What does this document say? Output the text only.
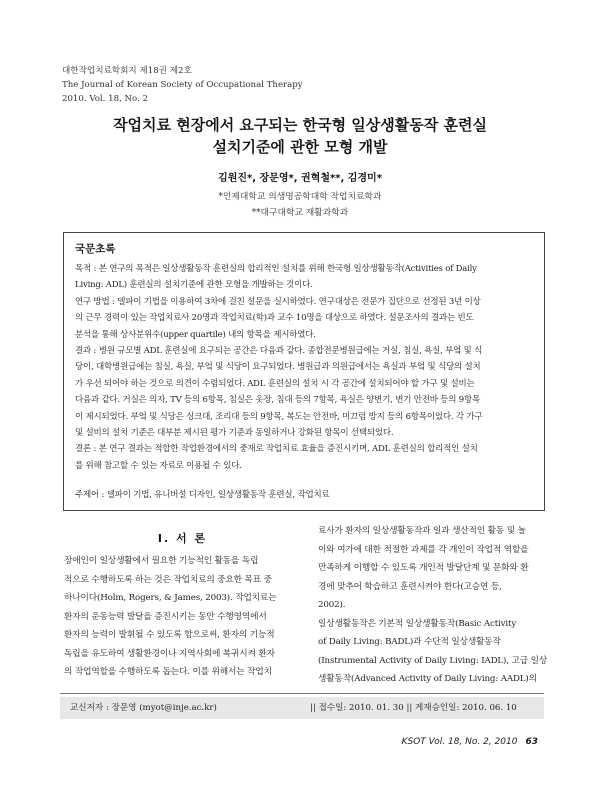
대한작업치료학회지 제18권 제2호
The Journal of Korean Society of Occupational Therapy
2010. Vol. 18, No. 2
작업치료 현장에서 요구되는 한국형 일상생활동작 훈련실
설치기준에 관한 모형 개발
김원진*, 장문영*, 권혁철**, 김경미*
*인제대학교 의생명공학대학 작업치료학과
**대구대학교 재활과학과
국문초록
목적 : 본 연구의 목적은 일상생활동작 훈련실의 합리적인 설치를 위해 한국형 일상생활동작(Activities of Daily
Living: ADL) 훈련실의 설치기준에 관한 모형을 개발하는 것이다.
연구 방법 : 델파이 기법을 이용하여 3차에 걸친 설문을 실시하였다. 연구대상은 전문가 집단으로 선정된 3년 이상
의 근무 경력이 있는 작업치료사 20명과 작업치료(학)과 교수 10명을 대상으로 하였다. 설문조사의 결과는 빈도
분석을 통해 상사분위수(upper quartile) 내의 항목을 제시하였다.
결과 : 병원 규모별 ADL 훈련실에 요구되는 공간은 다음과 같다. 종합전문병원급에는 거실, 침실, 욕실, 부엌 및 식
당이, 대학병원급에는 침실, 욕실, 부엌 및 식당이 요구되었다. 병원급과 의원급에서는 욕실과 부엌 및 식당의 설치
가 우선 되어야 하는 것으로 의견이 수렴되었다. ADL 훈련실의 설치 시 각 공간에 설치되어야 할 가구 및 설비는
다음과 같다. 거실은 의자, TV 등의 6항목, 침실은 옷장, 침대 등의 7항목, 욕실은 양변기, 변기 안전바 등의 9항목
이 제시되었다. 부엌 및 식당은 싱크대, 조리대 등의 9항목, 복도는 안전바, 미끄럼 방지 등의 6항목이었다. 각 가구
및 설비의 설치 기준은 대부분 제시된 평가 기준과 동일하거나 강화된 항목이 선택되었다.
결론 : 본 연구 결과는 적합한 작업환경에서의 중재로 작업치료 효율을 증진시키며, ADL 훈련실의 합리적인 설치
를 위해 참고할 수 있는 자료로 이용될 수 있다.
주제어 : 델파이 기법, 유니버설 디자인, 일상생활동작 훈련실, 작업치료
Ⅰ. 서 론
장애인이 일상생활에서 필요한 기능적인 활동을 독립
적으로 수행하도록 하는 것은 작업치료의 중요한 목표 중
하나이다(Holm, Rogers, & James, 2003). 작업치료는
환자의 운동능력 발달을 증진시키는 동안 수행영역에서
환자의 능력이 발휘될 수 있도록 함으로써, 환자의 기능적
독립을 유도하여 생활환경이나 지역사회에 복귀시켜 환자
의 작업역할을 수행하도록 돕는다. 이를 위해서는 작업치
료사가 환자의 일상생활동작과 일과 생산적인 활동 및 놀
이와 여가에 대한 적절한 과제를 각 개인이 작업적 역할을
만족하게 이행할 수 있도록 개인적 발달단계 및 문화와 환
경에 맞추어 학습하고 훈련시켜야 한다(고승연 등,
2002).
일상생활동작은 기본적 일상생활동작(Basic Activity
of Daily Living: BADL)과 수단적 일상생활동작
(Instrumental Activity of Daily Living: IADL), 고급 일상
생활동작(Advanced Activity of Daily Living: AADL)의
교신저자 : 장문영 (myot@inje.ac.kr)	|| 접수일: 2010. 01. 30 || 게재승인일: 2010. 06. 10
KSOT Vol. 18, No. 2, 2010 63
